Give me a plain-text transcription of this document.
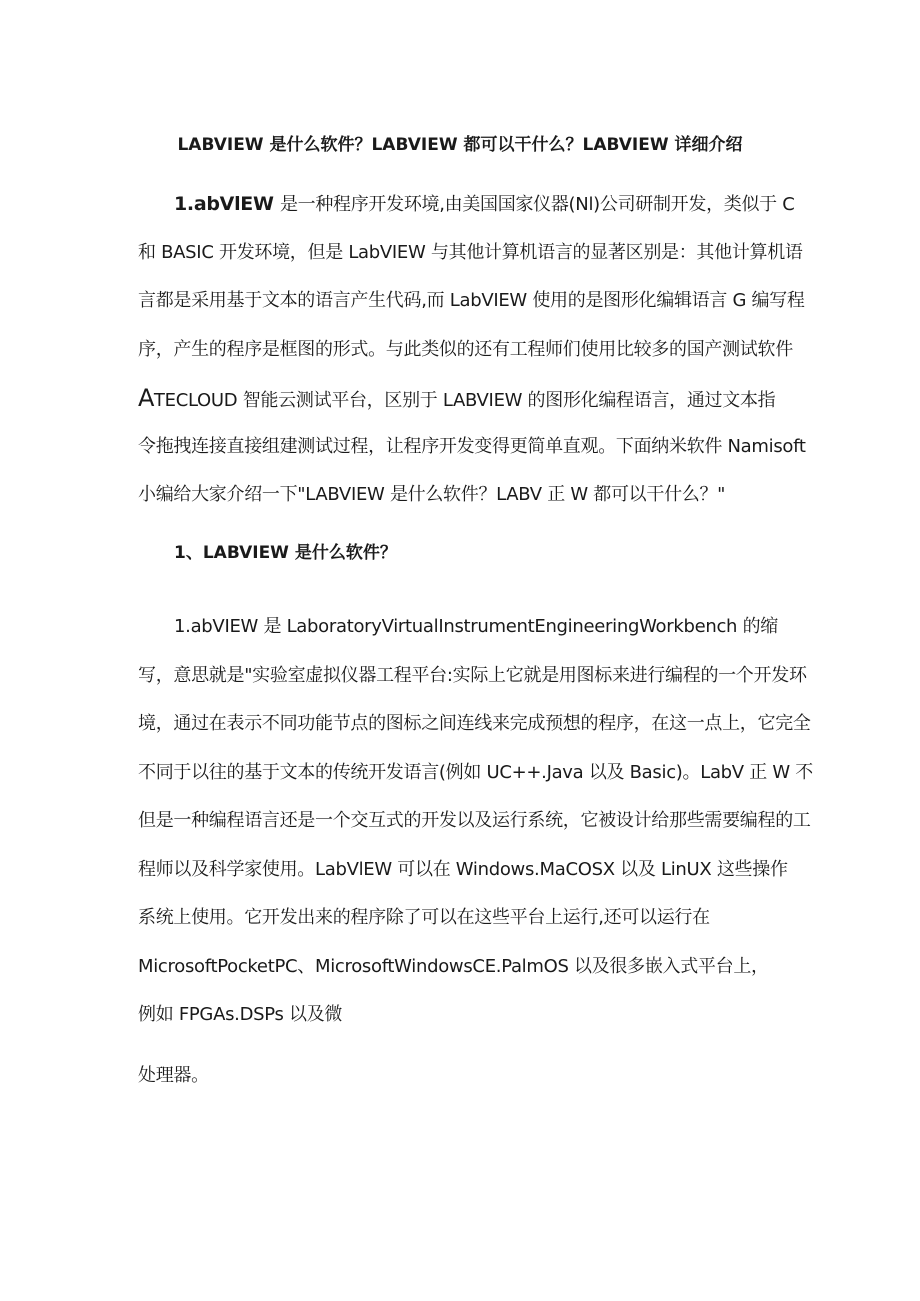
LABVIEW 是什么软件？LABVIEW 都可以干什么？LABVIEW 详细介绍
1.abVlEW 是一种程序开发环境,由美国国家仪器(Nl)公司研制开发，类似于 C
和 BASIC 开发环境，但是 LabVIEW 与其他计算机语言的显著区别是：其他计算机语
言都是采用基于文本的语言产生代码,而 LabVIEW 使用的是图形化编辑语言 G 编写程
序，产生的程序是框图的形式。与此类似的还有工程师们使用比较多的国产测试软件
ATECLOUD 智能云测试平台，区别于 LABVIEW 的图形化编程语言，通过文本指
令拖拽连接直接组建测试过程，让程序开发变得更简单直观。下面纳米软件 Namisoft
小编给大家介绍一下"LABVIEW 是什么软件？LABV 正 W 都可以干什么？"
1、LABVIEW 是什么软件？
1.abVIEW 是 LaboratoryVirtualInstrumentEngineeringWorkbench 的缩
写，意思就是"实验室虚拟仪器工程平台:实际上它就是用图标来进行编程的一个开发环
境，通过在表示不同功能节点的图标之间连线来完成预想的程序，在这一点上，它完全
不同于以往的基于文本的传统开发语言(例如 UC++.Java 以及 Basic)。LabV 正 W 不
但是一种编程语言还是一个交互式的开发以及运行系统，它被设计给那些需要编程的工
程师以及科学家使用。LabVlEW 可以在 Windows.MaCOSX 以及 LinUX 这些操作
系统上使用。它开发出来的程序除了可以在这些平台上运行,还可以运行在
MicrosoftPocketPC、MicrosoftWindowsCE.PalmOS 以及很多嵌入式平台上，
例如 FPGAs.DSPs 以及微
处理器。
